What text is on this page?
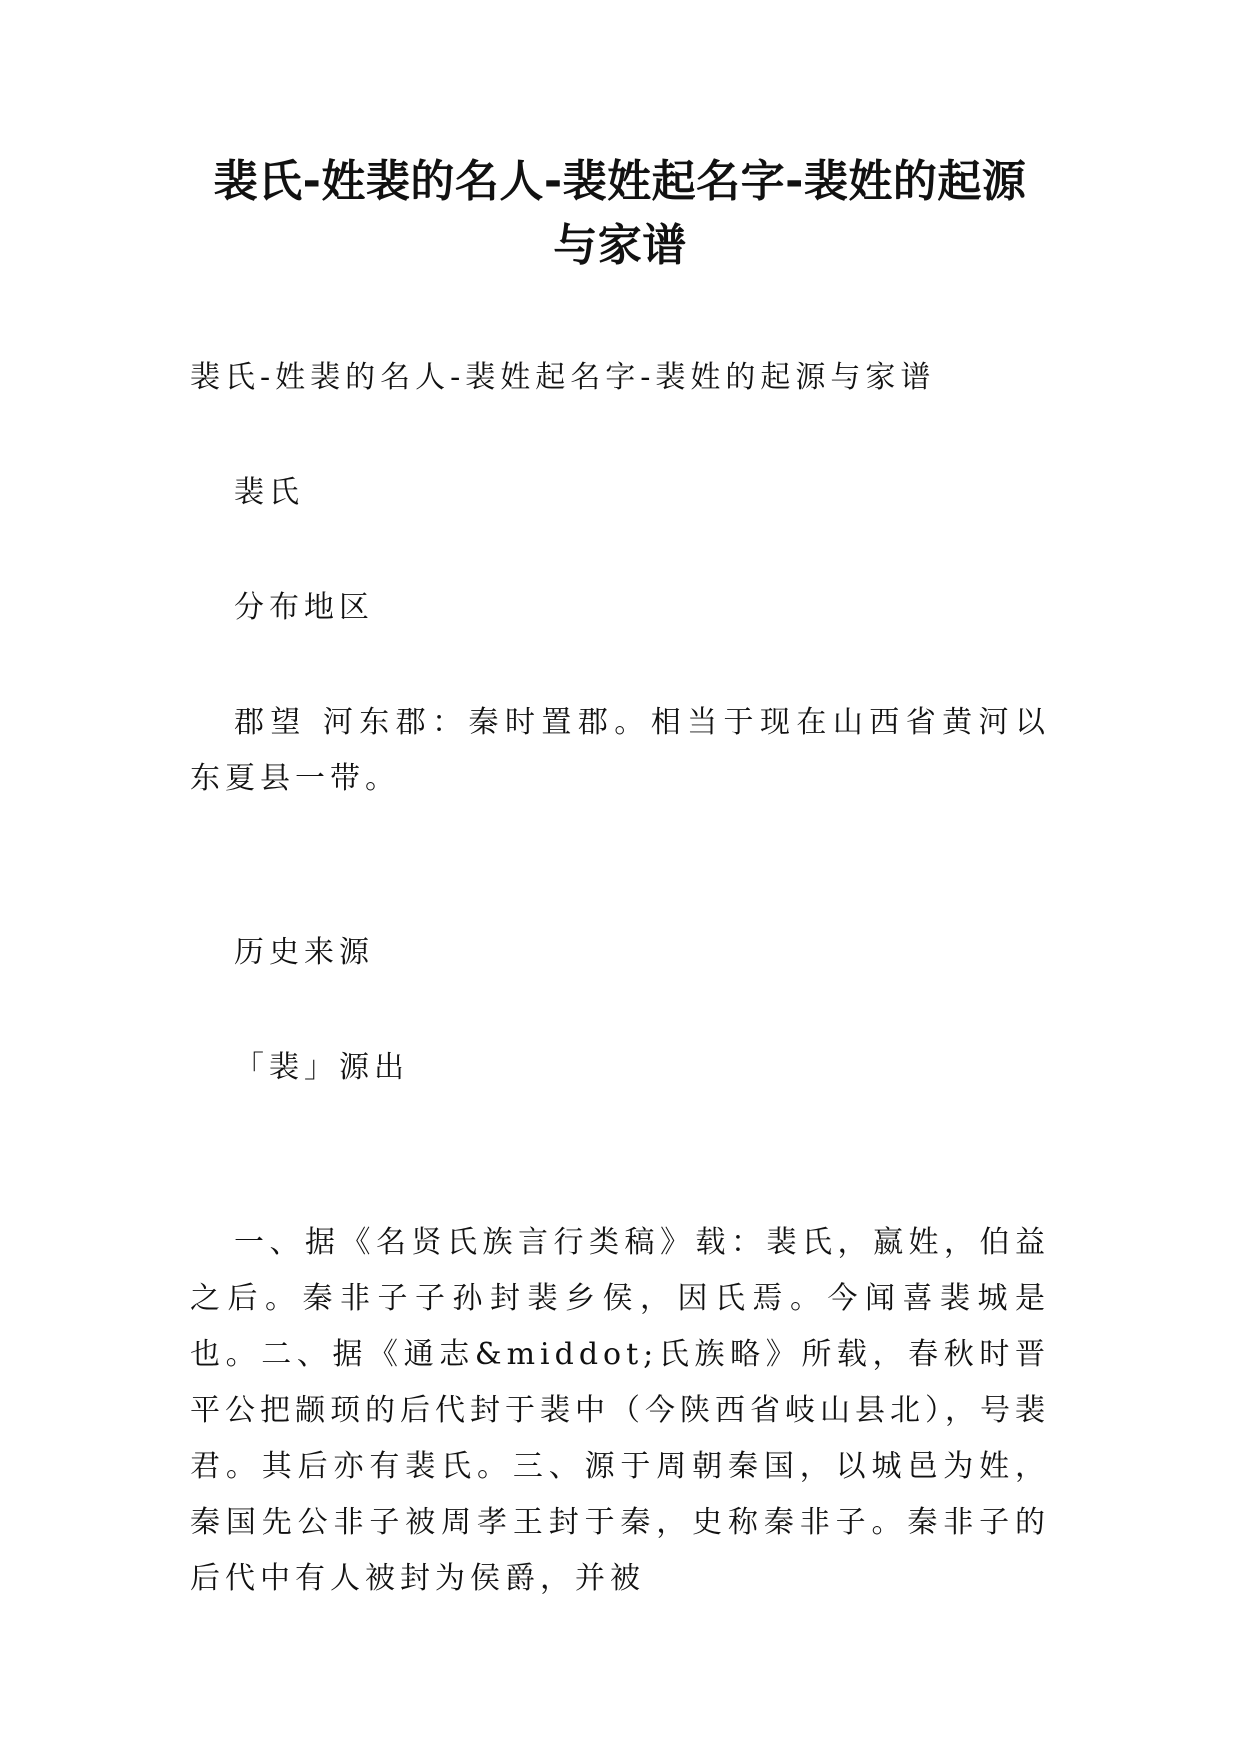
裴氏-姓裴的名人-裴姓起名字-裴姓的起源
与家谱

裴氏-姓裴的名人-裴姓起名字-裴姓的起源与家谱

裴氏

分布地区

郡望 河东郡：秦时置郡。相当于现在山西省黄河以东夏县一带。

历史来源

「裴」源出

一、据《名贤氏族言行类稿》载：裴氏，嬴姓，伯益之后。秦非子子孙封裴乡侯，因氏焉。今闻喜裴城是也。二、据《通志&middot;氏族略》所载，春秋时晋平公把颛顼的后代封于裴中（今陕西省岐山县北），号裴君。其后亦有裴氏。三、源于周朝秦国，以城邑为姓，秦国先公非子被周孝王封于秦，史称秦非子。秦非子的后代中有人被封为侯爵，并被
